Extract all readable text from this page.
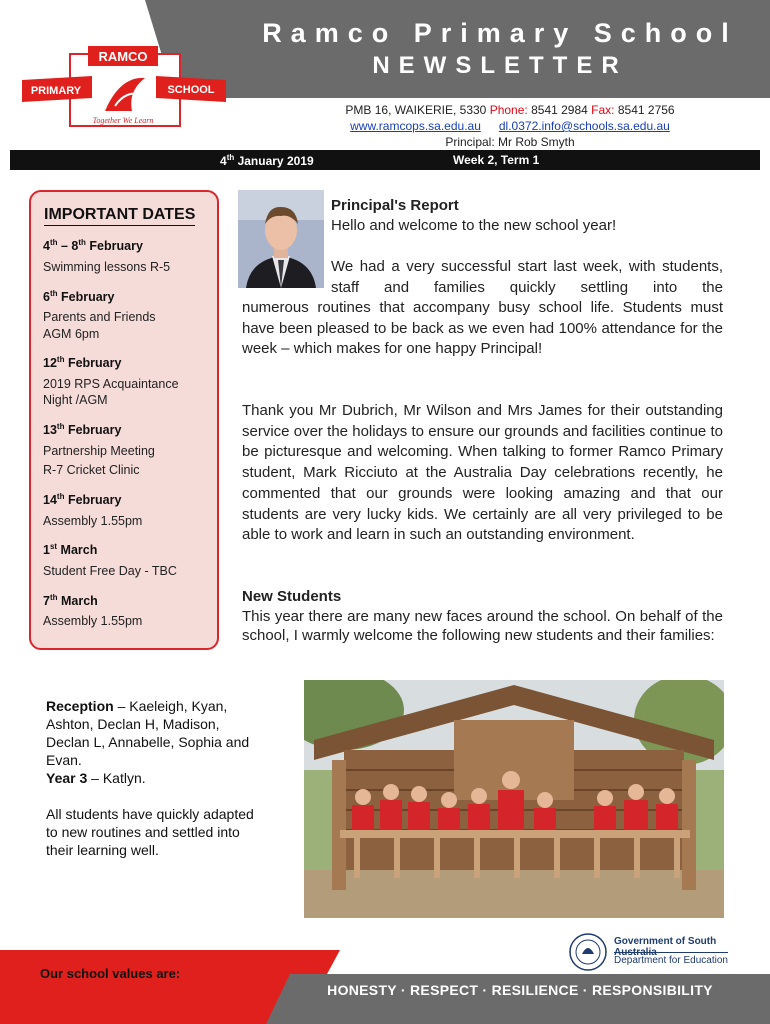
Ramco Primary School
NEWSLETTER
RAMCO
PRIMARY	SCHOOL
Together We Learn
PMB 16, WAIKERIE, 5330 Phone: 8541 2984 Fax: 8541 2756
www.ramcops.sa.edu.au dl.0372.info@schools.sa.edu.au
Principal: Mr Rob Smyth
4th January 2019	Week 2, Term 1
IMPORTANT DATES
4th – 8th February
Swimming lessons R-5
6th February
Parents and Friends
AGM 6pm
12th February
2019 RPS Acquaintance
Night /AGM
13th February
Partnership Meeting
R-7 Cricket Clinic
14th February
Assembly 1.55pm
1st March
Student Free Day - TBC
7th March
Assembly 1.55pm
Principal's Report
Hello and welcome to the new school year!
We had a very successful start last week, with students, staff and families quickly settling into the
numerous routines that accompany busy school life. Students must have been pleased to be back as we even had 100% attendance for the week – which makes for one happy Principal!
Thank you Mr Dubrich, Mr Wilson and Mrs James for their outstanding service over the holidays to ensure our grounds and facilities continue to be picturesque and welcoming. When talking to former Ramco Primary student, Mark Ricciuto at the Australia Day celebrations recently, he commented that our grounds were looking amazing and that our students are very lucky kids. We certainly are all very privileged to be able to work and learn in such an outstanding environment.
New Students
This year there are many new faces around the school. On behalf of the school, I warmly welcome the following new students and their families:
Reception – Kaeleigh, Kyan, Ashton, Declan H, Madison, Declan L, Annabelle, Sophia and Evan.
Year 3 – Katlyn.
All students have quickly adapted to new routines and settled into their learning well.
Government of South Australia
Department for Education
Our school values are:
HONESTY · RESPECT · RESILIENCE · RESPONSIBILITY
